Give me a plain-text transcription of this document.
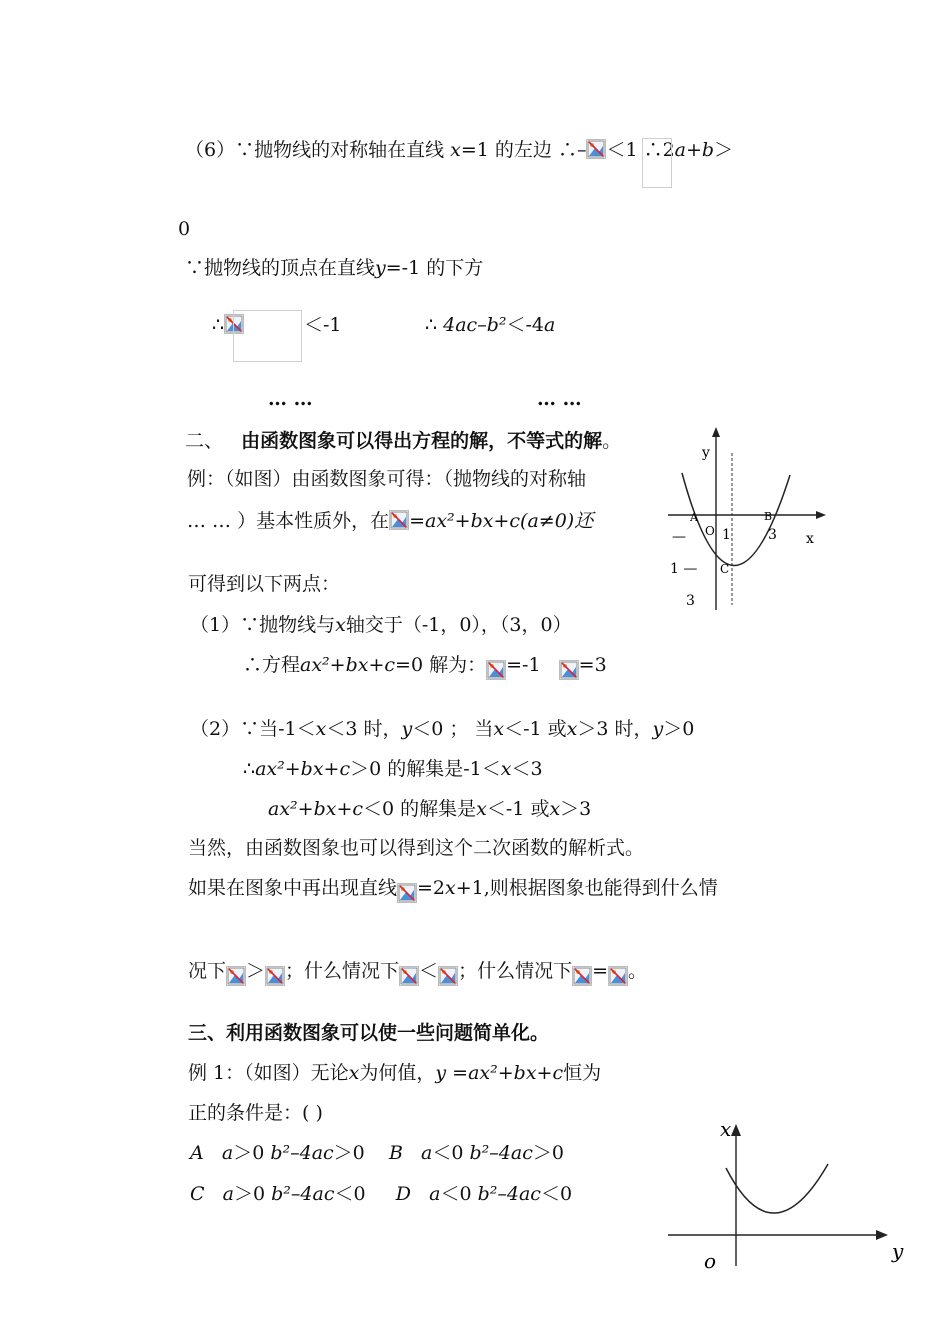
（6）∵抛物线的对称轴在直线 x=1 的左边 ∴– ＜1 ∴2a+b＞
0
∵抛物线的顶点在直线y=-1 的下方
∴	＜-1	∴ 4ac–b²＜-4a
… …	… …
二、 由函数图象可以得出方程的解，不等式的解。
例：（如图）由函数图象可得：（抛物线的对称轴
… … ）基本性质外，在 =ax²+bx+c(a≠0)还
可得到以下两点：
（1）∵抛物线与x轴交于（-1，0），（3，0）
∴方程ax²+bx+c=0 解为： =-1 =3
（2）∵当-1＜x＜3 时，y＜0 ； 当x＜-1 或x＞3 时，y＞0
∴ax²+bx+c＞0 的解集是-1＜x＜3
ax²+bx+c＜0 的解集是x＜-1 或x＞3
当然，由函数图象也可以得到这个二次函数的解析式。
如果在图象中再出现直线 =2x+1,则根据图象也能得到什么情
况下 ＞ ；什么情况下 ＜ ；什么情况下 = 。
三、利用函数图象可以使一些问题简单化。
例 1：（如图）无论x为何值，y =ax²+bx+c恒为
正的条件是：( )
A a＞0 b²–4ac＞0 B a＜0 b²–4ac＞0
C a＞0 b²–4ac＜0 D a＜0 b²–4ac＜0
y
x
A	B
O 1	3
—
C
1 —
3
x
y
o
